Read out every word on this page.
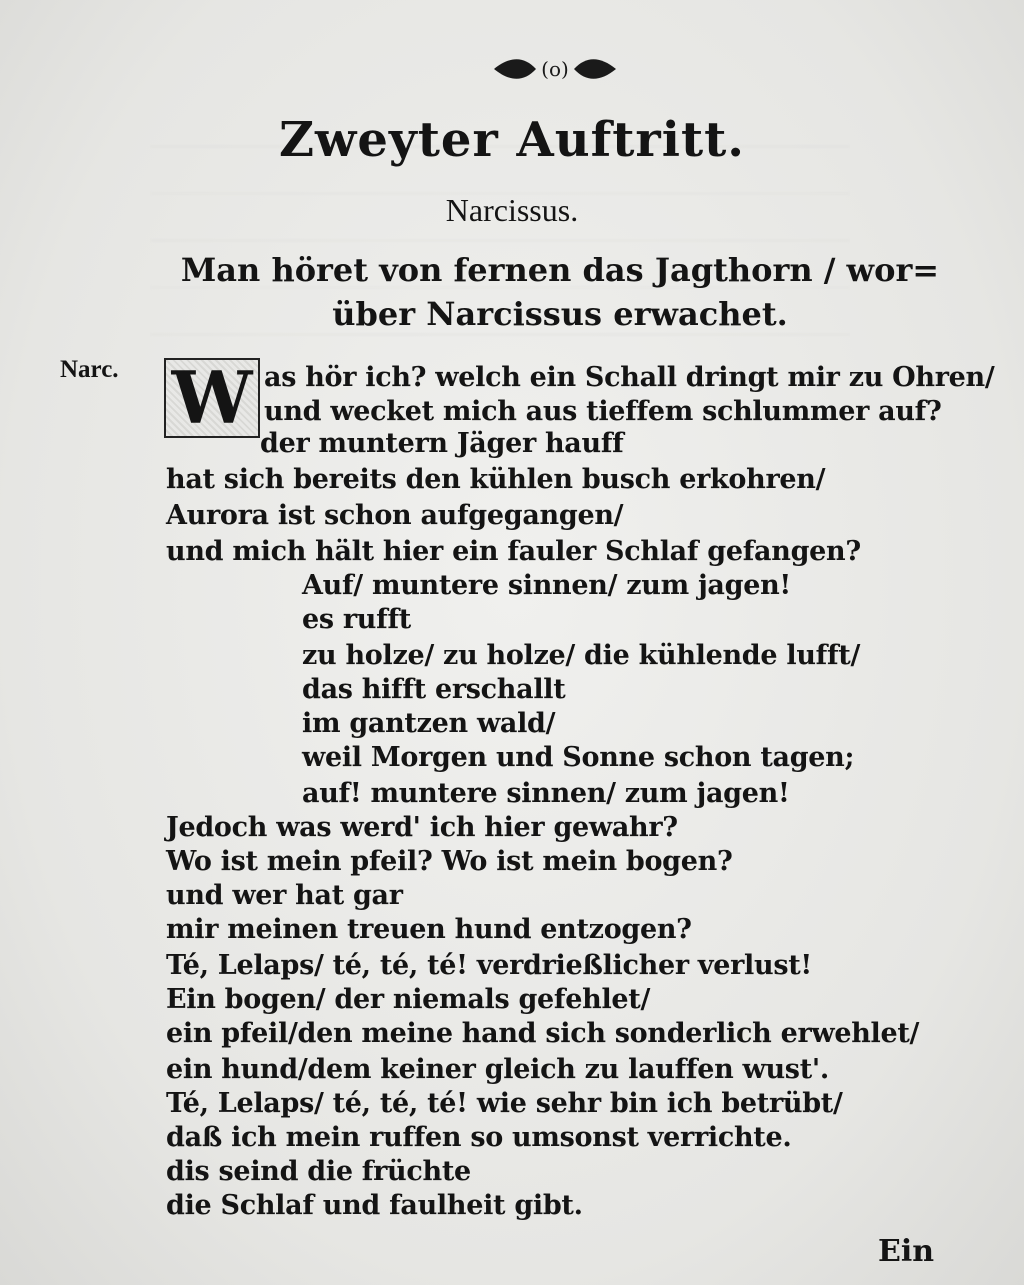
(o)
Zweyter Auftritt.
Narcissus.
Man höret von fernen das Jagthorn / wor=
über Narcissus erwachet.
Narc. W as hör ich? welch ein Schall dringt mir zu Ohren/
und wecket mich aus tieffem schlummer auf?
der muntern Jäger hauff
hat sich bereits den kühlen busch erkohren/
Aurora ist schon aufgegangen/
und mich hält hier ein fauler Schlaf gefangen?
Auf/ muntere sinnen/ zum jagen!
es rufft
zu holze/ zu holze/ die kühlende lufft/
das hifft erschallt
im gantzen wald/
weil Morgen und Sonne schon tagen;
auf! muntere sinnen/ zum jagen!
Jedoch was werd' ich hier gewahr?
Wo ist mein pfeil? Wo ist mein bogen?
und wer hat gar
mir meinen treuen hund entzogen?
Té, Lelaps/ té, té, té! verdrießlicher verlust!
Ein bogen/ der niemals gefehlet/
ein pfeil/den meine hand sich sonderlich erwehlet/
ein hund/dem keiner gleich zu lauffen wust'.
Té, Lelaps/ té, té, té! wie sehr bin ich betrübt/
daß ich mein ruffen so umsonst verrichte.
dis seind die früchte
die Schlaf und faulheit gibt.
Ein
